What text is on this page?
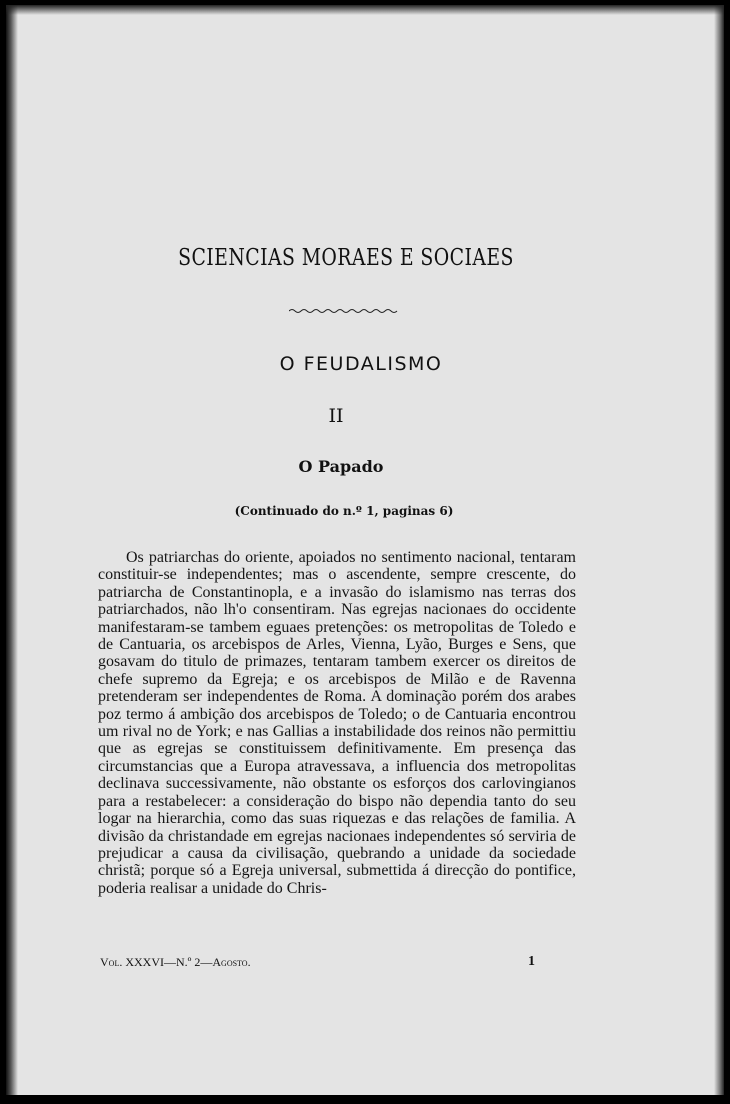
SCIENCIAS MORAES E SOCIAES
O FEUDALISMO
II
O Papado
(Continuado do n.º 1, paginas 6)

Os patriarchas do oriente, apoiados no sentimento nacional, tentaram constituir-se independentes; mas o ascendente, sempre crescente, do patriarcha de Constantinopla, e a invasão do islamismo nas terras dos patriarchados, não lh'o consentiram. Nas egrejas nacionaes do occidente manifestaram-se tambem eguaes pretenções: os metropolitas de Toledo e de Cantuaria, os arcebispos de Arles, Vienna, Lyão, Burges e Sens, que gosavam do titulo de primazes, tentaram tambem exercer os direitos de chefe supremo da Egreja; e os arcebispos de Milão e de Ravenna pretenderam ser independentes de Roma. A dominação porém dos arabes poz termo á ambição dos arcebispos de Toledo; o de Cantuaria encontrou um rival no de York; e nas Gallias a instabilidade dos reinos não permittiu que as egrejas se constituissem definitivamente. Em presença das circumstancias que a Europa atravessava, a influencia dos metropolitas declinava successivamente, não obstante os esforços dos carlovingianos para a restabelecer: a consideração do bispo não dependia tanto do seu logar na hierarchia, como das suas riquezas e das relações de familia. A divisão da christandade em egrejas nacionaes independentes só serviria de prejudicar a causa da civilisação, quebrando a unidade da sociedade christã; porque só a Egreja universal, submettida á direcção do pontifice, poderia realisar a unidade do Chris-

Vol. XXXVI—N.º 2—Agosto.	1
